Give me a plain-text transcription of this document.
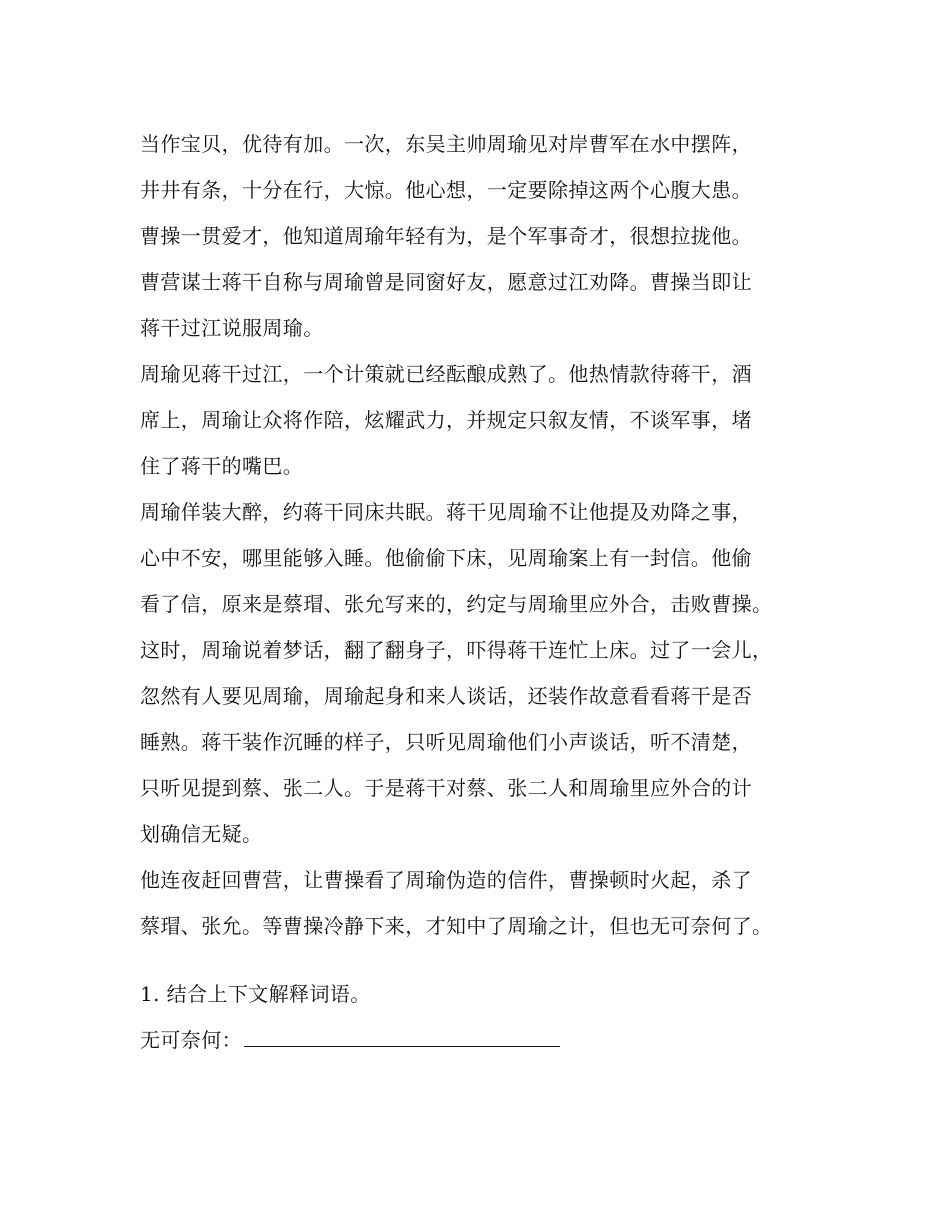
当作宝贝，优待有加。一次，东吴主帅周瑜见对岸曹军在水中摆阵，
井井有条，十分在行，大惊。他心想，一定要除掉这两个心腹大患。
曹操一贯爱才，他知道周瑜年轻有为，是个军事奇才，很想拉拢他。
曹营谋士蒋干自称与周瑜曾是同窗好友，愿意过江劝降。曹操当即让
蒋干过江说服周瑜。
周瑜见蒋干过江，一个计策就已经酝酿成熟了。他热情款待蒋干，酒
席上，周瑜让众将作陪，炫耀武力，并规定只叙友情，不谈军事，堵
住了蒋干的嘴巴。
周瑜佯装大醉，约蒋干同床共眠。蒋干见周瑜不让他提及劝降之事，
心中不安，哪里能够入睡。他偷偷下床，见周瑜案上有一封信。他偷
看了信，原来是蔡瑁、张允写来的，约定与周瑜里应外合，击败曹操。
这时，周瑜说着梦话，翻了翻身子，吓得蒋干连忙上床。过了一会儿，
忽然有人要见周瑜，周瑜起身和来人谈话，还装作故意看看蒋干是否
睡熟。蒋干装作沉睡的样子，只听见周瑜他们小声谈话，听不清楚，
只听见提到蔡、张二人。于是蒋干对蔡、张二人和周瑜里应外合的计
划确信无疑。
他连夜赶回曹营，让曹操看了周瑜伪造的信件，曹操顿时火起，杀了
蔡瑁、张允。等曹操冷静下来，才知中了周瑜之计，但也无可奈何了。
1. 结合上下文解释词语。
无可奈何：
